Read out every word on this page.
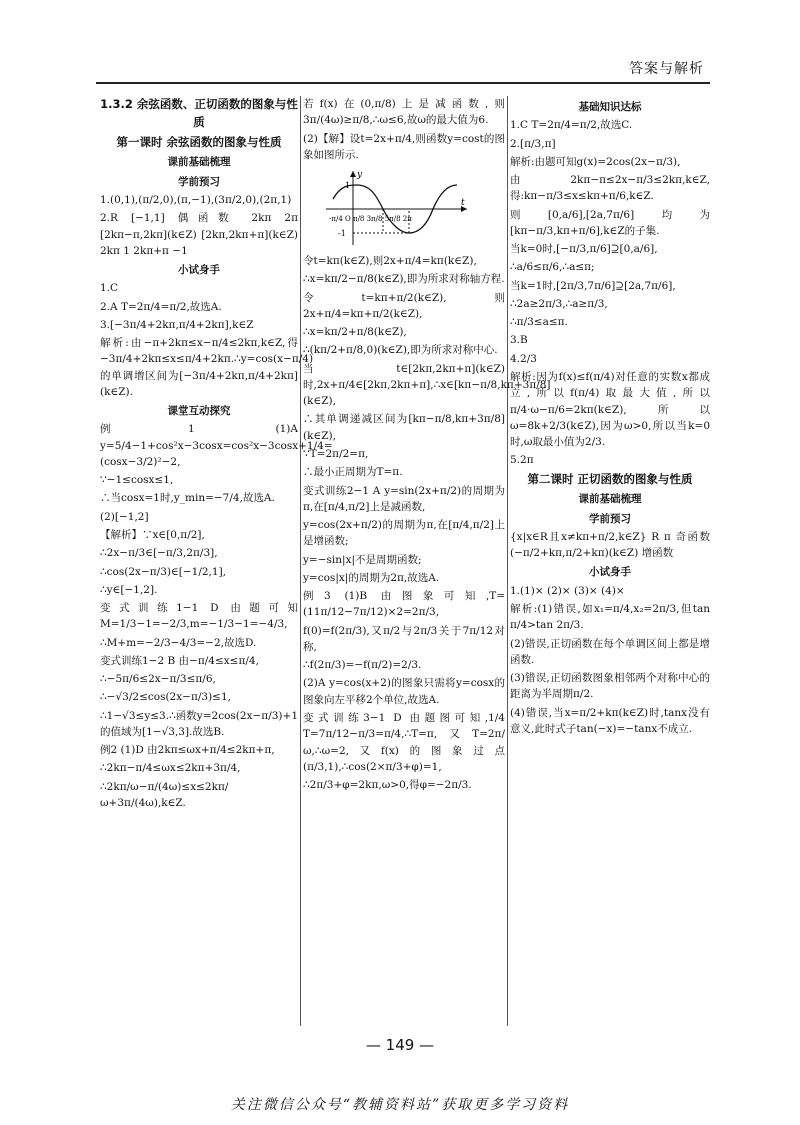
答案与解析
1.3.2 余弦函数、正切函数的图象与性质
第一课时 余弦函数的图象与性质
课前基础梳理
学前预习

1.(0,1),(π/2,0),(π,−1),(3π/2,0),(2π,1)

2.R [−1,1] 偶函数 2kπ 2π [2kπ−π,2kπ](k∈Z) [2kπ,2kπ+π](k∈Z) 2kπ 1 2kπ+π −1

小试身手

1.C

2.A T=2π/4=π/2,故选A.

3.[−3π/4+2kπ,π/4+2kπ],k∈Z

解析:由−π+2kπ≤x−π/4≤2kπ,k∈Z,得−3π/4+2kπ≤x≤π/4+2kπ.∴y=cos(x−π/4)的单调增区间为[−3π/4+2kπ,π/4+2kπ](k∈Z).

课堂互动探究

例1 (1)A y=5/4−1+cos²x−3cosx=cos²x−3cosx+1/4=(cosx−3/2)²−2,

∵−1≤cosx≤1,

∴当cosx=1时,y_min=−7/4,故选A.

(2)[−1,2]

【解析】∵x∈[0,π/2],

∴2x−π/3∈[−π/3,2π/3],

∴cos(2x−π/3)∈[−1/2,1],

∴y∈[−1,2].

变式训练1−1 D 由题可知M=1/3−1=−2/3,m=−1/3−1=−4/3,

∴M+m=−2/3−4/3=−2,故选D.

变式训练1−2 B 由−π/4≤x≤π/4,

∴−5π/6≤2x−π/3≤π/6,

∴−√3/2≤cos(2x−π/3)≤1,

∴1−√3≤y≤3.∴函数y=2cos(2x−π/3)+1的值域为[1−√3,3].故选B.

例2 (1)D 由2kπ≤ωx+π/4≤2kπ+π,

∴2kπ−π/4≤ωx≤2kπ+3π/4,

∴2kπ/ω−π/(4ω)≤x≤2kπ/ω+3π/(4ω),k∈Z.

若f(x)在(0,π/8)上是减函数,则3π/(4ω)≥π/8,∴ω≤6,故ω的最大值为6.

(2)【解】设t=2x+π/4,则函数y=cost的图象如图所示.

y
t
1
-1
-π/4 O π/8 3π/8 5π/8 2π

令t=kπ(k∈Z),则2x+π/4=kπ(k∈Z),

∴x=kπ/2−π/8(k∈Z),即为所求对称轴方程.

令t=kπ+π/2(k∈Z),则2x+π/4=kπ+π/2(k∈Z),

∴x=kπ/2+π/8(k∈Z),

∴(kπ/2+π/8,0)(k∈Z),即为所求对称中心.

当t∈[2kπ,2kπ+π](k∈Z)时,2x+π/4∈[2kπ,2kπ+π],∴x∈[kπ−π/8,kπ+3π/8](k∈Z),

∴其单调递减区间为[kπ−π/8,kπ+3π/8](k∈Z),

∵T=2π/2=π,

∴最小正周期为T=π.

变式训练2−1 A y=sin(2x+π/2)的周期为π,在[π/4,π/2]上是减函数,

y=cos(2x+π/2)的周期为π,在[π/4,π/2]上是增函数;

y=−sin|x|不是周期函数;

y=cos|x|的周期为2π,故选A.

例3 (1)B 由图象可知,T=(11π/12−7π/12)×2=2π/3,

f(0)=f(2π/3),又π/2与2π/3关于7π/12对称,

∴f(2π/3)=−f(π/2)=2/3.

(2)A y=cos(x+2)的图象只需将y=cosx的图象向左平移2个单位,故选A.

变式训练3−1 D 由题图可知,1/4 T=7π/12−π/3=π/4,∴T=π,又T=2π/ω,∴ω=2,又f(x)的图象过点(π/3,1),∴cos(2×π/3+φ)=1,

∴2π/3+φ=2kπ,ω>0,得φ=−2π/3.

基础知识达标

1.C T=2π/4=π/2,故选C.

2.[π/3,π]

解析:由题可知g(x)=2cos(2x−π/3),

由2kπ−π≤2x−π/3≤2kπ,k∈Z,得:kπ−π/3≤x≤kπ+π/6,k∈Z.

则[0,a/6],[2a,7π/6]均为[kπ−π/3,kπ+π/6],k∈Z的子集.

当k=0时,[−π/3,π/6]⊇[0,a/6],

∴a/6≤π/6,∴a≤π;

当k=1时,[2π/3,7π/6]⊇[2a,7π/6],

∴2a≥2π/3,∴a≥π/3,

∴π/3≤a≤π.

3.B

4.2/3

解析:因为f(x)≤f(π/4)对任意的实数x都成立,所以f(π/4)取最大值,所以π/4·ω−π/6=2kπ(k∈Z),所以ω=8k+2/3(k∈Z),因为ω>0,所以当k=0时,ω取最小值为2/3.

5.2π

第二课时 正切函数的图象与性质
课前基础梳理
学前预习

{x|x∈R且x≠kπ+π/2,k∈Z} R π 奇函数 (−π/2+kπ,π/2+kπ)(k∈Z) 增函数

小试身手

1.(1)× (2)× (3)× (4)×

解析:(1)错误,如x₁=π/4,x₂=2π/3,但tan π/4>tan 2π/3.

(2)错误,正切函数在每个单调区间上都是增函数.

(3)错误,正切函数图象相邻两个对称中心的距离为半周期π/2.

(4)错误,当x=π/2+kπ(k∈Z)时,tanx没有意义,此时式子tan(−x)=−tanx不成立.

— 149 —
关注微信公众号“教辅资料站”获取更多学习资料
